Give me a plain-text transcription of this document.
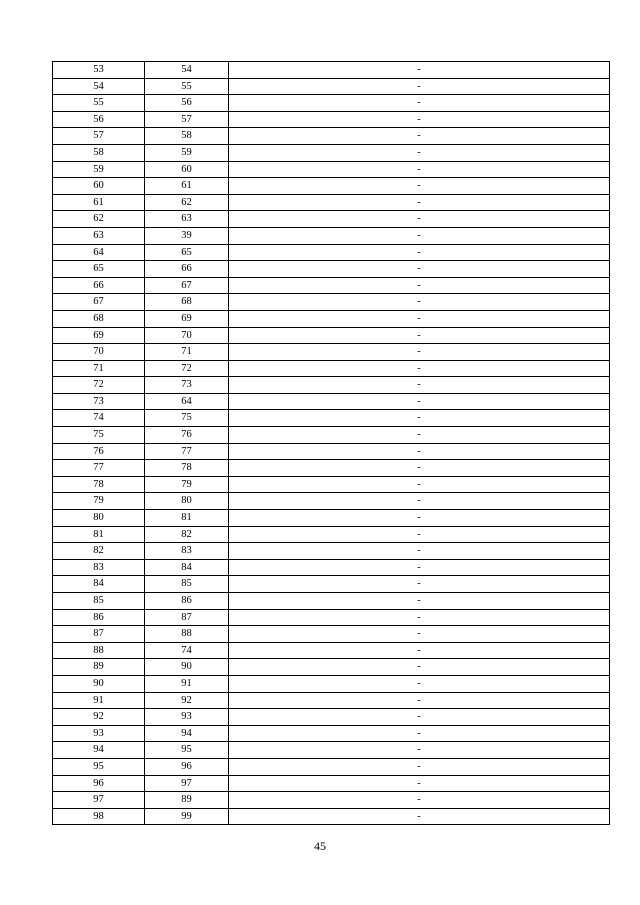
53	54	-
54	55	-
55	56	-
56	57	-
57	58	-
58	59	-
59	60	-
60	61	-
61	62	-
62	63	-
63	39	-
64	65	-
65	66	-
66	67	-
67	68	-
68	69	-
69	70	-
70	71	-
71	72	-
72	73	-
73	64	-
74	75	-
75	76	-
76	77	-
77	78	-
78	79	-
79	80	-
80	81	-
81	82	-
82	83	-
83	84	-
84	85	-
85	86	-
86	87	-
87	88	-
88	74	-
89	90	-
90	91	-
91	92	-
92	93	-
93	94	-
94	95	-
95	96	-
96	97	-
97	89	-
98	99	-
45
